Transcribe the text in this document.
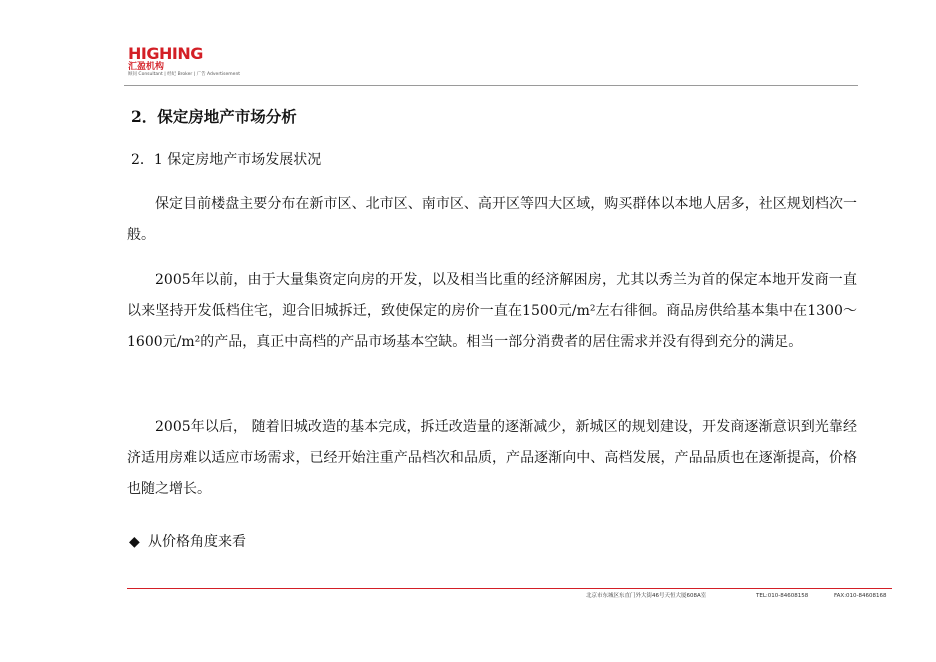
HIGHING
汇盈机构
顾问 Consultant | 经纪 Broker | 广告 Advertisement
2．保定房地产市场分析
2．1 保定房地产市场发展状况

保定目前楼盘主要分布在新市区、北市区、南市区、高开区等四大区域，购买群体以本地人居多，社区规划档次一般。

2005年以前，由于大量集资定向房的开发，以及相当比重的经济解困房，尤其以秀兰为首的保定本地开发商一直以来坚持开发低档住宅，迎合旧城拆迁，致使保定的房价一直在1500元/m²左右徘徊。商品房供给基本集中在1300～1600元/m²的产品，真正中高档的产品市场基本空缺。相当一部分消费者的居住需求并没有得到充分的满足。

2005年以后， 随着旧城改造的基本完成，拆迁改造量的逐渐减少，新城区的规划建设，开发商逐渐意识到光靠经济适用房难以适应市场需求，已经开始注重产品档次和品质，产品逐渐向中、高档发展，产品品质也在逐渐提高，价格也随之增长。

◆ 从价格角度来看
北京市东城区东直门外大街46号天恒大厦608A室	TEL:010-84608158	FAX:010-84608168
